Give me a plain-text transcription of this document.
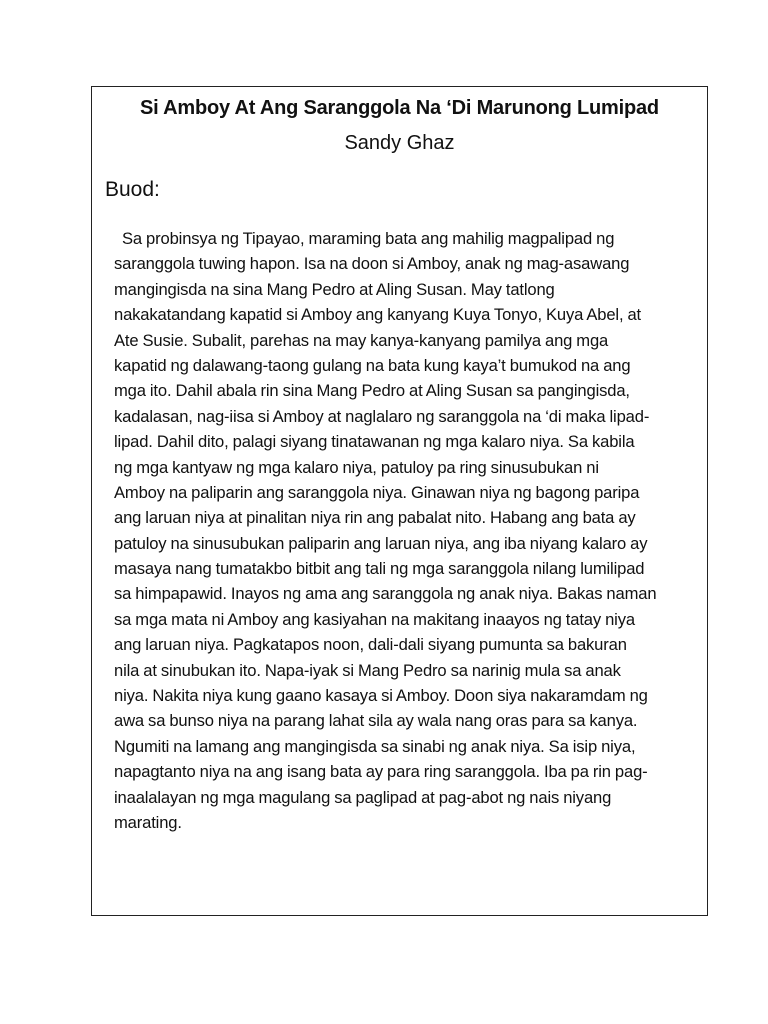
Si Amboy At Ang Saranggola Na ‘Di Marunong Lumipad
Sandy Ghaz
Buod:
Sa probinsya ng Tipayao, maraming bata ang mahilig magpalipad ng
saranggola tuwing hapon. Isa na doon si Amboy, anak ng mag-asawang
mangingisda na sina Mang Pedro at Aling Susan. May tatlong
nakakatandang kapatid si Amboy ang kanyang Kuya Tonyo, Kuya Abel, at
Ate Susie. Subalit, parehas na may kanya-kanyang pamilya ang mga
kapatid ng dalawang-taong gulang na bata kung kaya’t bumukod na ang
mga ito. Dahil abala rin sina Mang Pedro at Aling Susan sa pangingisda,
kadalasan, nag-iisa si Amboy at naglalaro ng saranggola na ‘di maka lipad-
lipad. Dahil dito, palagi siyang tinatawanan ng mga kalaro niya. Sa kabila
ng mga kantyaw ng mga kalaro niya, patuloy pa ring sinusubukan ni
Amboy na paliparin ang saranggola niya. Ginawan niya ng bagong paripa
ang laruan niya at pinalitan niya rin ang pabalat nito. Habang ang bata ay
patuloy na sinusubukan paliparin ang laruan niya, ang iba niyang kalaro ay
masaya nang tumatakbo bitbit ang tali ng mga saranggola nilang lumilipad
sa himpapawid. Inayos ng ama ang saranggola ng anak niya. Bakas naman
sa mga mata ni Amboy ang kasiyahan na makitang inaayos ng tatay niya
ang laruan niya. Pagkatapos noon, dali-dali siyang pumunta sa bakuran
nila at sinubukan ito. Napa-iyak si Mang Pedro sa narinig mula sa anak
niya. Nakita niya kung gaano kasaya si Amboy. Doon siya nakaramdam ng
awa sa bunso niya na parang lahat sila ay wala nang oras para sa kanya.
Ngumiti na lamang ang mangingisda sa sinabi ng anak niya. Sa isip niya,
napagtanto niya na ang isang bata ay para ring saranggola. Iba pa rin pag-
inaalalayan ng mga magulang sa paglipad at pag-abot ng nais niyang
marating.
